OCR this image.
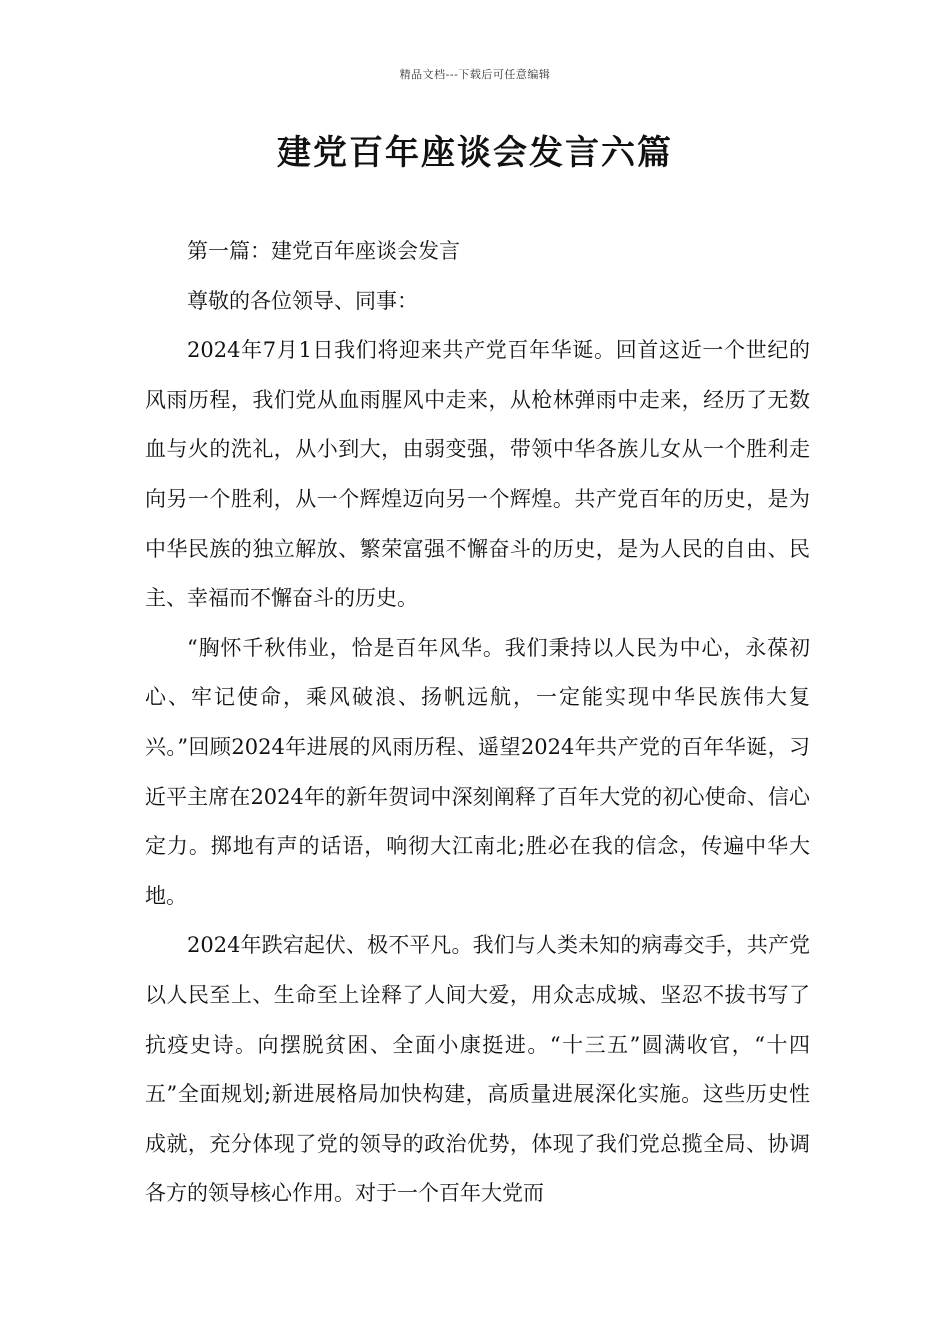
精品文档---下载后可任意编辑
建党百年座谈会发言六篇

第一篇：建党百年座谈会发言

尊敬的各位领导、同事：

2024年7月1日我们将迎来共产党百年华诞。回首这近一个世纪的风雨历程，我们党从血雨腥风中走来，从枪林弹雨中走来，经历了无数血与火的洗礼，从小到大，由弱变强，带领中华各族儿女从一个胜利走向另一个胜利，从一个辉煌迈向另一个辉煌。共产党百年的历史，是为中华民族的独立解放、繁荣富强不懈奋斗的历史，是为人民的自由、民主、幸福而不懈奋斗的历史。

“胸怀千秋伟业，恰是百年风华。我们秉持以人民为中心，永葆初心、牢记使命，乘风破浪、扬帆远航，一定能实现中华民族伟大复兴。”回顾2024年进展的风雨历程、遥望2024年共产党的百年华诞，习近平主席在2024年的新年贺词中深刻阐释了百年大党的初心使命、信心定力。掷地有声的话语，响彻大江南北;胜必在我的信念，传遍中华大地。

2024年跌宕起伏、极不平凡。我们与人类未知的病毒交手，共产党以人民至上、生命至上诠释了人间大爱，用众志成城、坚忍不拔书写了抗疫史诗。向摆脱贫困、全面小康挺进。“十三五”圆满收官，“十四五”全面规划;新进展格局加快构建，高质量进展深化实施。这些历史性成就，充分体现了党的领导的政治优势，体现了我们党总揽全局、协调各方的领导核心作用。对于一个百年大党而
